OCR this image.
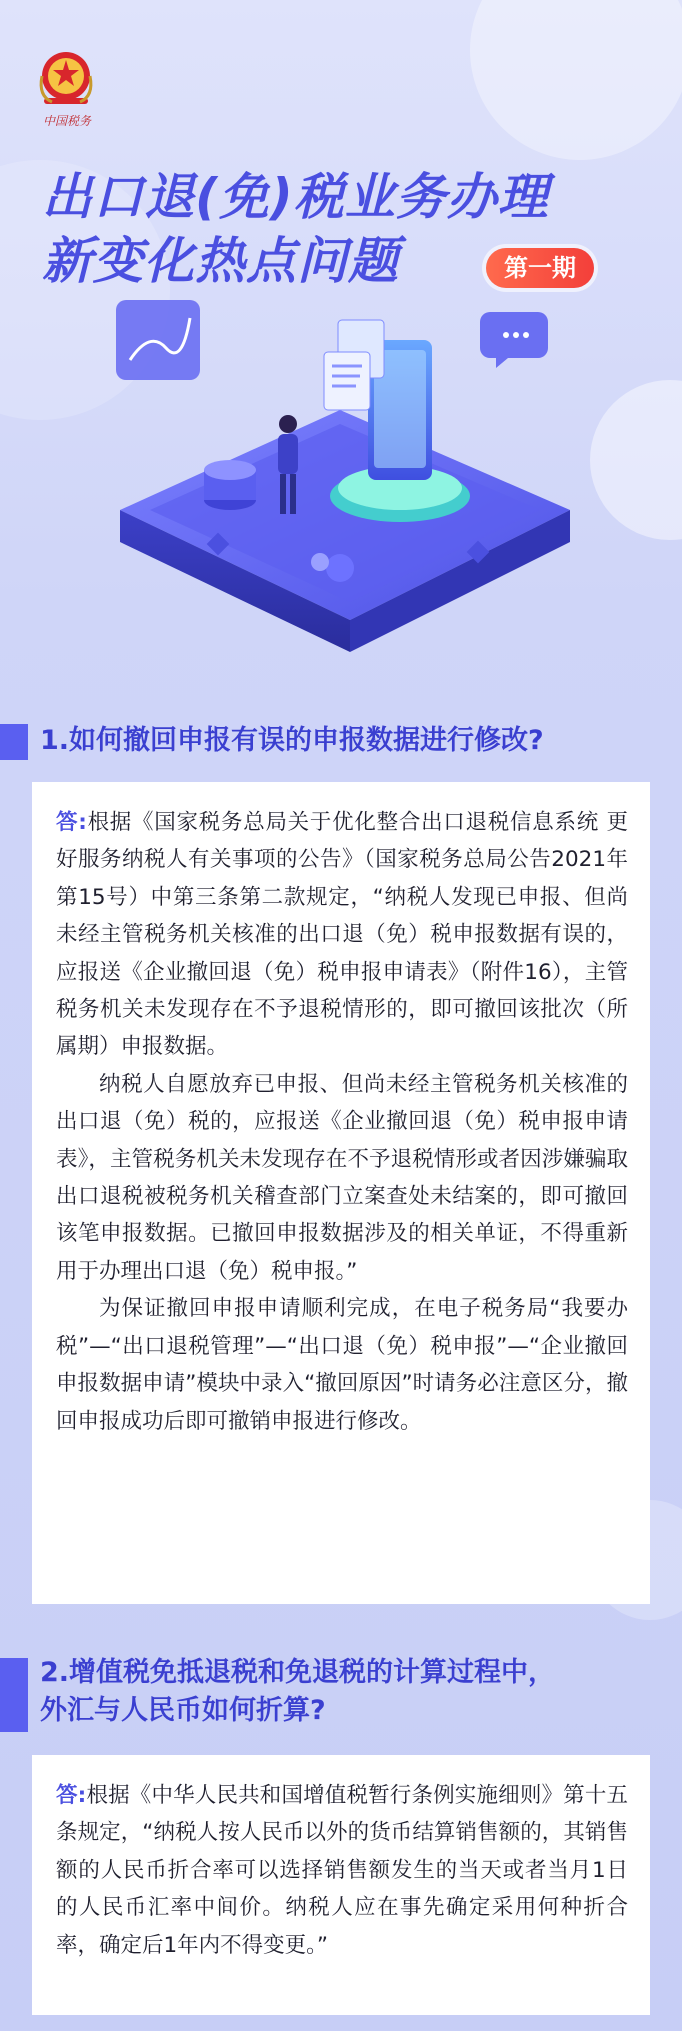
中国税务
出口退(免)税业务办理
新变化热点问题	第一期
1.如何撤回申报有误的申报数据进行修改?

答:根据《国家税务总局关于优化整合出口退税信息系统 更好服务纳税人有关事项的公告》（国家税务总局公告2021年第15号）中第三条第二款规定，“纳税人发现已申报、但尚未经主管税务机关核准的出口退（免）税申报数据有误的，应报送《企业撤回退（免）税申报申请表》（附件16），主管税务机关未发现存在不予退税情形的，即可撤回该批次（所属期）申报数据。

纳税人自愿放弃已申报、但尚未经主管税务机关核准的出口退（免）税的，应报送《企业撤回退（免）税申报申请表》，主管税务机关未发现存在不予退税情形或者因涉嫌骗取出口退税被税务机关稽查部门立案查处未结案的，即可撤回该笔申报数据。已撤回申报数据涉及的相关单证，不得重新用于办理出口退（免）税申报。”

为保证撤回申报申请顺利完成，在电子税务局“我要办税”—“出口退税管理”—“出口退（免）税申报”—“企业撤回申报数据申请”模块中录入“撤回原因”时请务必注意区分，撤回申报成功后即可撤销申报进行修改。

2.增值税免抵退税和免退税的计算过程中，
外汇与人民币如何折算?

答:根据《中华人民共和国增值税暂行条例实施细则》第十五条规定，“纳税人按人民币以外的货币结算销售额的，其销售额的人民币折合率可以选择销售额发生的当天或者当月1日的人民币汇率中间价。纳税人应在事先确定采用何种折合率，确定后1年内不得变更。”
